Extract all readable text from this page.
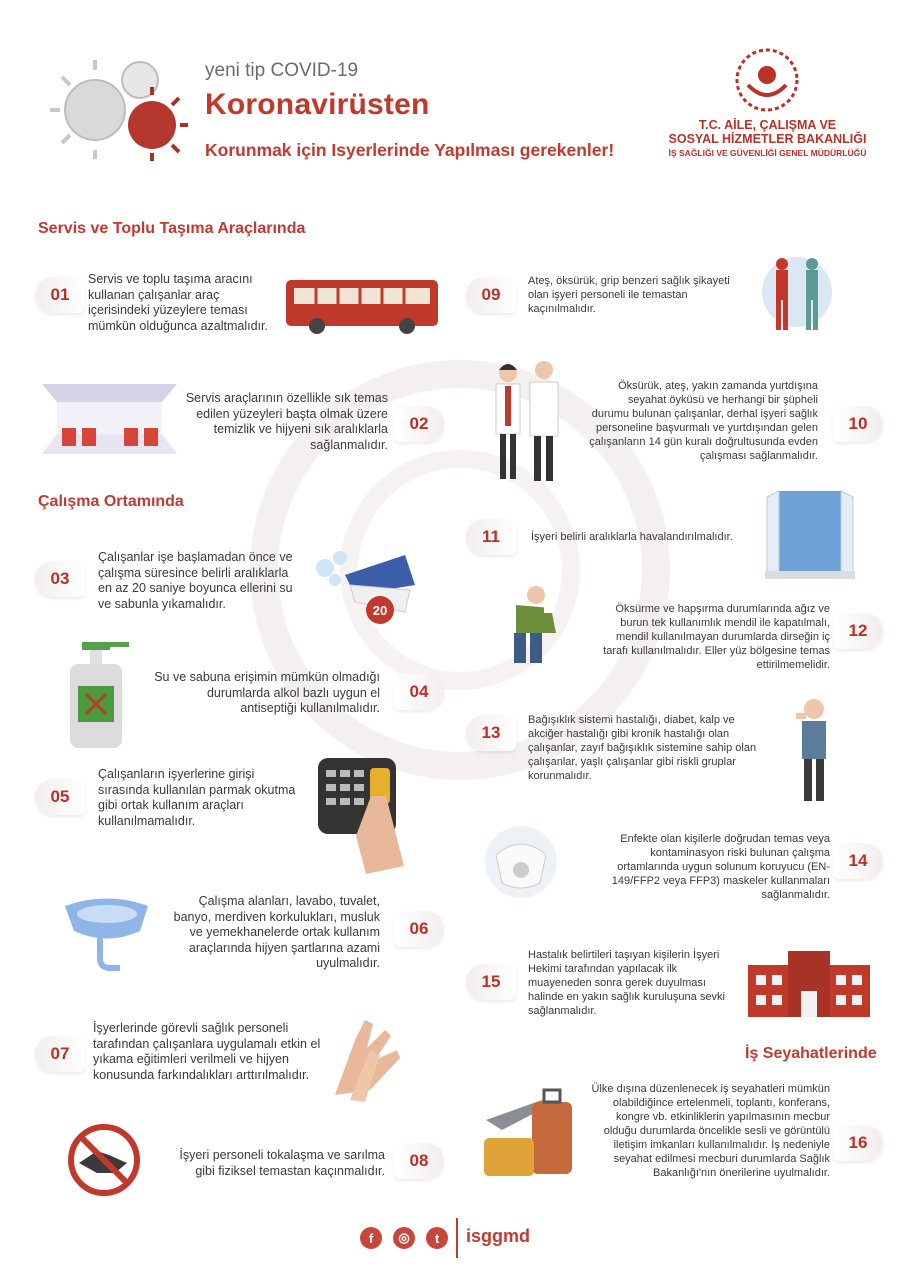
yeni tip COVID-19
Koronavirüsten
Korunmak için Isyerlerinde Yapılması gerekenler!
T.C. AİLE, ÇALIŞMA VE
SOSYAL HİZMETLER BAKANLIĞI
İŞ SAĞLIĞI VE GÜVENLİĞİ GENEL MÜDÜRLÜĞÜ
Servis ve Toplu Taşıma Araçlarında
01
Servis ve toplu taşıma aracını kullanan çalışanlar araç içerisindeki yüzeylere teması mümkün olduğunca azaltmalıdır.
Servis araçlarının özellikle sık temas edilen yüzeyleri başta olmak üzere temizlik ve hijyeni sık aralıklarla sağlanmalıdır.
02
Çalışma Ortamında
03
Çalışanlar işe başlamadan önce ve çalışma süresince belirli aralıklarla en az 20 saniye boyunca ellerini su ve sabunla yıkamalıdır.	20
Su ve sabuna erişimin mümkün olmadığı durumlarda alkol bazlı uygun el antiseptiği kullanılmalıdır.
04
05
Çalışanların işyerlerine girişi sırasında kullanılan parmak okutma gibi ortak kullanım araçları kullanılmamalıdır.
Çalışma alanları, lavabo, tuvalet, banyo, merdiven korkulukları, musluk ve yemekhanelerde ortak kullanım araçlarında hijyen şartlarına azami uyulmalıdır.
06
07
İşyerlerinde görevli sağlık personeli tarafından çalışanlara uygulamalı etkin el yıkama eğitimleri verilmeli ve hijyen konusunda farkındalıkları arttırılmalıdır.
İşyeri personeli tokalaşma ve sarılma gibi fiziksel temastan kaçınmalıdır.
08
09
Ateş, öksürük, grip benzeri sağlık şikayeti olan işyeri personeli ile temastan kaçınılmalıdır.
Öksürük, ateş, yakın zamanda yurtdışına seyahat öyküsü ve herhangi bir şüpheli durumu bulunan çalışanlar, derhal işyeri sağlık personeline başvurmalı ve yurtdışından gelen çalışanların 14 gün kuralı doğrultusunda evden çalışması sağlanmalıdır.
10
11	İşyeri belirli aralıklarla havalandırılmalıdır.
Öksürme ve hapşırma durumlarında ağız ve burun tek kullanımlık mendil ile kapatılmalı, mendil kullanılmayan durumlarda dirseğin iç tarafı kullanılmalıdır. Eller yüz bölgesine temas ettirilmemelidir.
12
13
Bağışıklık sistemi hastalığı, diabet, kalp ve akciğer hastalığı gibi kronik hastalığı olan çalışanlar, zayıf bağışıklık sistemine sahip olan çalışanlar, yaşlı çalışanlar gibi riskli gruplar korunmalıdır.
Enfekte olan kişilerle doğrudan temas veya kontaminasyon riski bulunan çalışma ortamlarında uygun solunum koruyucu (EN-149/FFP2 veya FFP3) maskeler kullanmaları sağlanmalıdır.
14
15
Hastalık belirtileri taşıyan kişilerin İşyeri Hekimi tarafından yapılacak ilk muayeneden sonra gerek duyulması halinde en yakın sağlık kuruluşuna sevki sağlanmalıdır.
İş Seyahatlerinde
Ülke dışına düzenlenecek iş seyahatleri mümkün olabildiğince ertelenmeli, toplantı, konferans, kongre vb. etkinliklerin yapılmasının mecbur olduğu durumlarda öncelikle sesli ve görüntülü iletişim imkanları kullanılmalıdır. İş nedeniyle seyahat edilmesi mecburi durumlarda Sağlık Bakanlığı'nın önerilerine uyulmalıdır.
16
f	◎	t	isggmd
